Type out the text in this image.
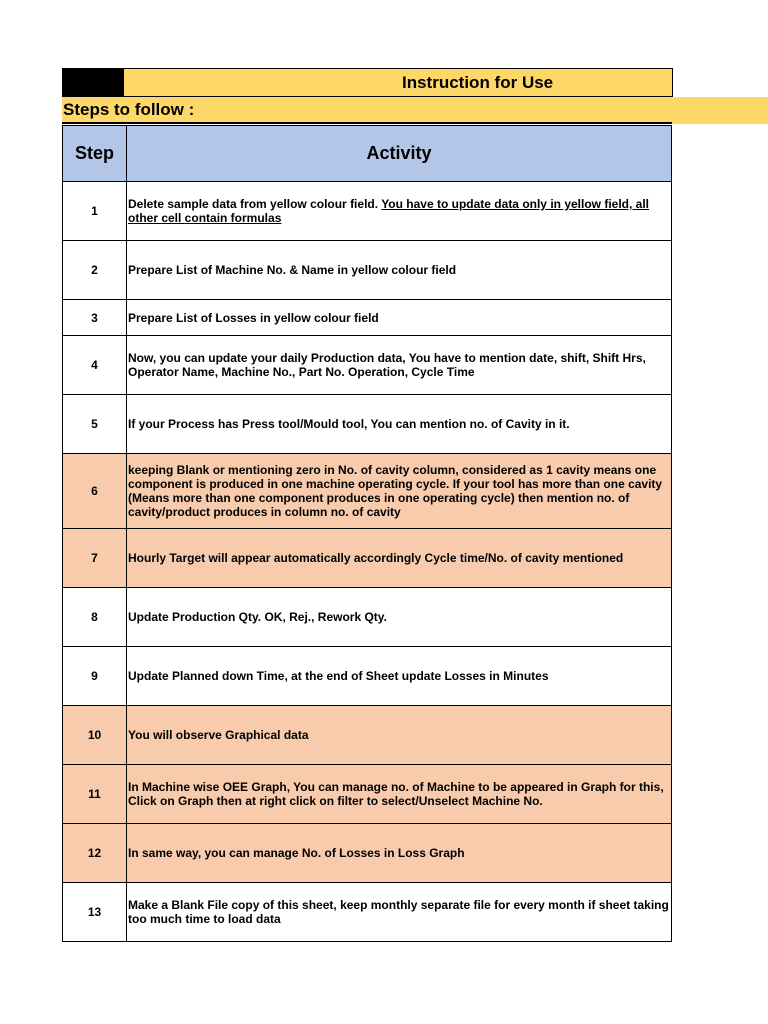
Instruction for Use
Steps to follow :
Step	Activity
1	Delete sample data from yellow colour field. You have to update data only in yellow field, all other cell contain formulas
2	Prepare List of Machine No. & Name in yellow colour field
3	Prepare List of Losses in yellow colour field
4	Now, you can update your daily Production data, You have to mention date, shift, Shift Hrs, Operator Name, Machine No., Part No. Operation, Cycle Time
5	If your Process has Press tool/Mould tool, You can mention no. of Cavity in it.
6	keeping Blank or mentioning zero in No. of cavity column, considered as 1 cavity means one component is produced in one machine operating cycle. If your tool has more than one cavity (Means more than one component produces in one operating cycle) then mention no. of cavity/product produces in column no. of cavity
7	Hourly Target will appear automatically accordingly Cycle time/No. of cavity mentioned
8	Update Production Qty. OK, Rej., Rework Qty.
9	Update Planned down Time, at the end of Sheet update Losses in Minutes
10	You will observe Graphical data
11	In Machine wise OEE Graph, You can manage no. of Machine to be appeared in Graph for this, Click on Graph then at right click on filter to select/Unselect Machine No.
12	In same way, you can manage No. of Losses in Loss Graph
13	Make a Blank File copy of this sheet, keep monthly separate file for every month if sheet taking too much time to load data
